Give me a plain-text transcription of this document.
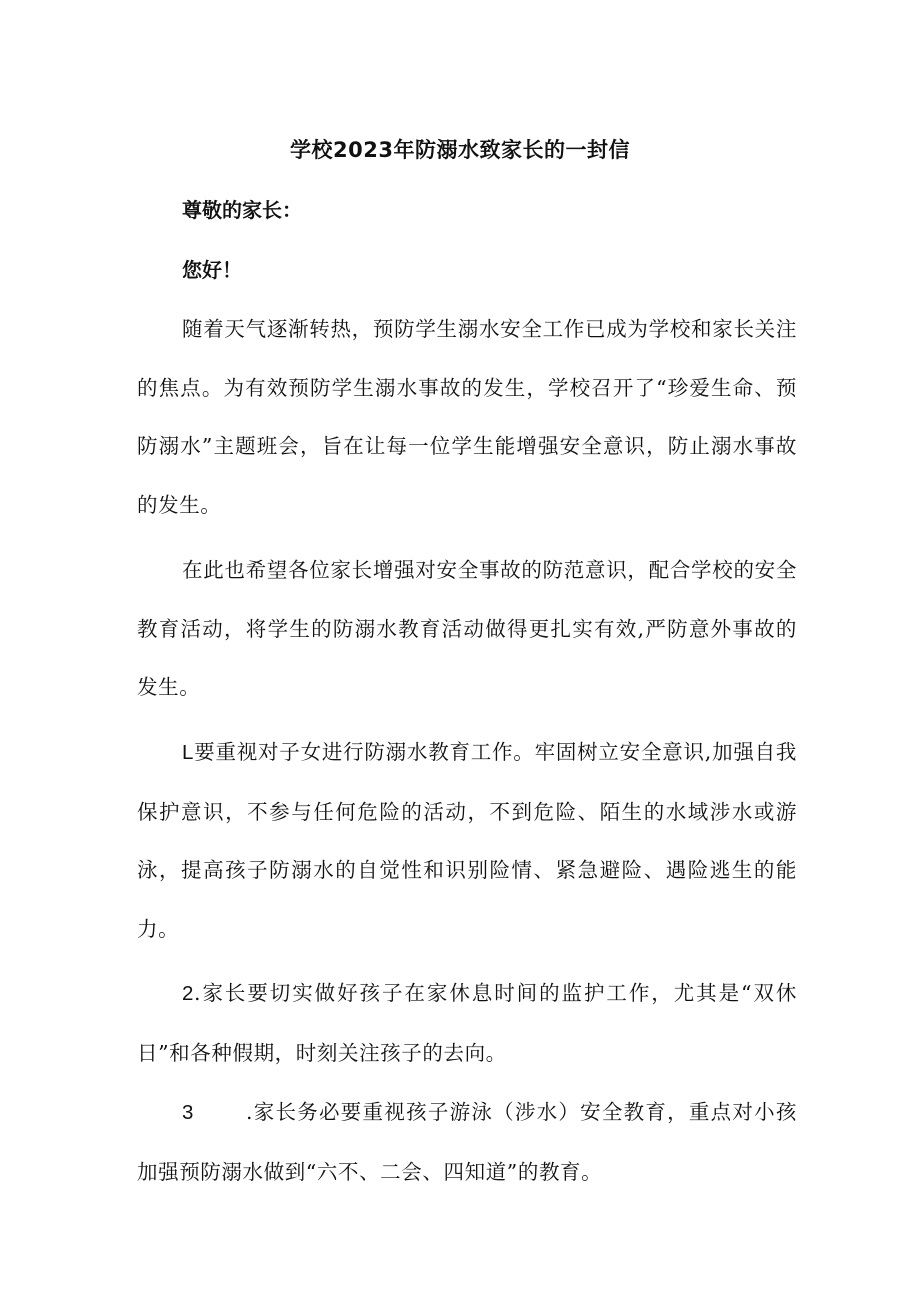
学校2023年防溺水致家长的一封信
尊敬的家长：
您好！

随着天气逐渐转热，预防学生溺水安全工作已成为学校和家长关注的焦点。为有效预防学生溺水事故的发生，学校召开了“珍爱生命、预防溺水”主题班会，旨在让每一位学生能增强安全意识，防止溺水事故的发生。

在此也希望各位家长增强对安全事故的防范意识，配合学校的安全教育活动，将学生的防溺水教育活动做得更扎实有效,严防意外事故的发生。

L要重视对子女进行防溺水教育工作。牢固树立安全意识,加强自我保护意识，不参与任何危险的活动，不到危险、陌生的水域涉水或游泳，提高孩子防溺水的自觉性和识别险情、紧急避险、遇险逃生的能力。

2.家长要切实做好孩子在家休息时间的监护工作，尤其是“双休日”和各种假期，时刻关注孩子的去向。

3	.家长务必要重视孩子游泳（涉水）安全教育，重点对小孩加强预防溺水做到“六不、二会、四知道”的教育。
